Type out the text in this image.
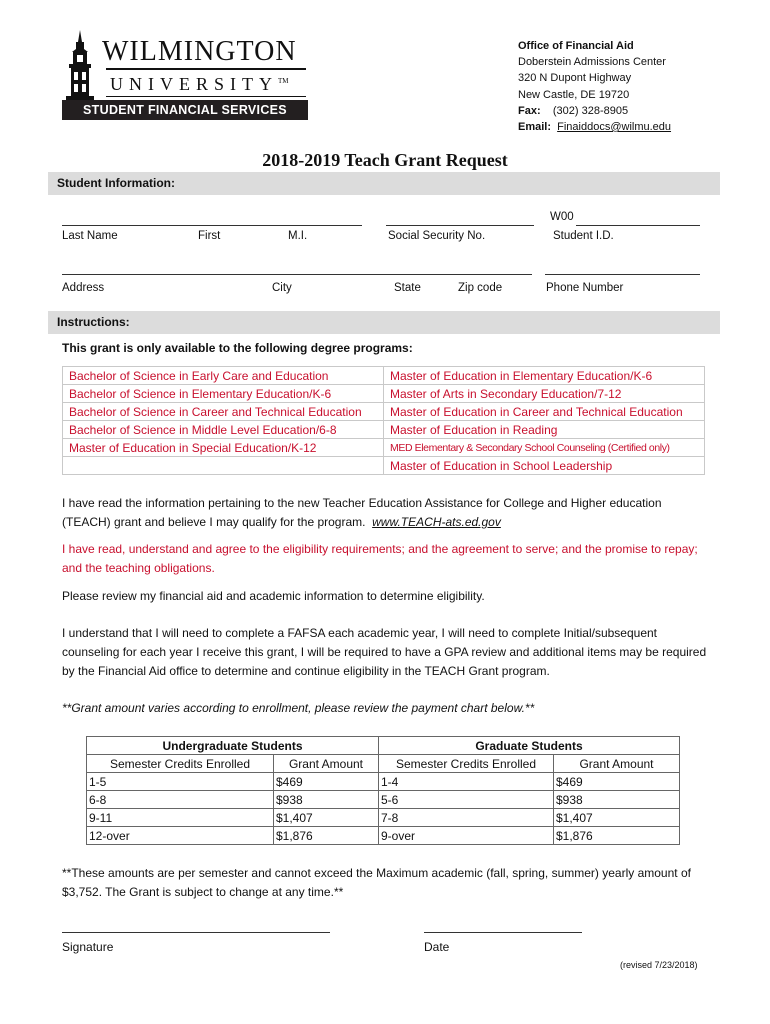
WILMINGTON
UNIVERSITY™
STUDENT FINANCIAL SERVICES
Office of Financial Aid
Doberstein Admissions Center
320 N Dupont Highway
New Castle, DE 19720
Fax: (302) 328-8905
Email: Finaiddocs@wilmu.edu
2018-2019 Teach Grant Request
Student Information:
W00
Last Name	First	M.I.	Social Security No.	Student I.D.
Address	City	State	Zip code	Phone Number
Instructions:
This grant is only available to the following degree programs:
Bachelor of Science in Early Care and Education	Master of Education in Elementary Education/K-6
Bachelor of Science in Elementary Education/K-6	Master of Arts in Secondary Education/7-12
Bachelor of Science in Career and Technical Education	Master of Education in Career and Technical Education
Bachelor of Science in Middle Level Education/6-8	Master of Education in Reading
Master of Education in Special Education/K-12	MED Elementary & Secondary School Counseling (Certified only)
	Master of Education in School Leadership
I have read the information pertaining to the new Teacher Education Assistance for College and Higher education (TEACH) grant and believe I may qualify for the program. www.TEACH-ats.ed.gov
I have read, understand and agree to the eligibility requirements; and the agreement to serve; and the promise to repay; and the teaching obligations.
Please review my financial aid and academic information to determine eligibility.
I understand that I will need to complete a FAFSA each academic year, I will need to complete Initial/subsequent counseling for each year I receive this grant, I will be required to have a GPA review and additional items may be required by the Financial Aid office to determine and continue eligibility in the TEACH Grant program.
**Grant amount varies according to enrollment, please review the payment chart below.**
Undergraduate Students		Graduate Students	
Semester Credits Enrolled	Grant Amount	Semester Credits Enrolled	Grant Amount
1-5	$469	1-4	$469
6-8	$938	5-6	$938
9-11	$1,407	7-8	$1,407
12-over	$1,876	9-over	$1,876
**These amounts are per semester and cannot exceed the Maximum academic (fall, spring, summer) yearly amount of $3,752. The Grant is subject to change at any time.**
Signature	Date
(revised 7/23/2018)
